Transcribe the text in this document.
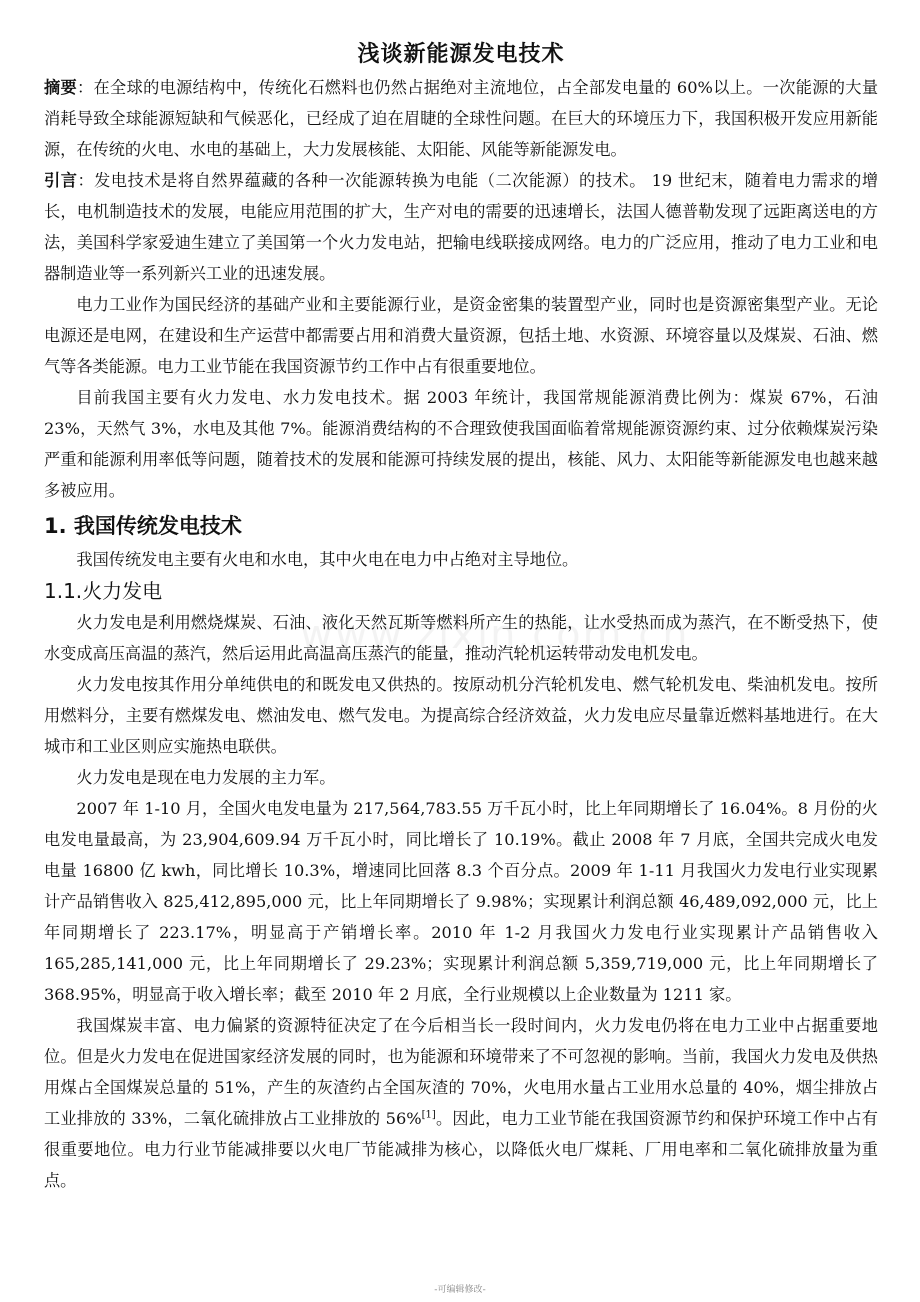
浅谈新能源发电技术

摘要：在全球的电源结构中，传统化石燃料也仍然占据绝对主流地位，占全部发电量的 60%以上。一次能源的大量消耗导致全球能源短缺和气候恶化，已经成了迫在眉睫的全球性问题。在巨大的环境压力下，我国积极开发应用新能源，在传统的火电、水电的基础上，大力发展核能、太阳能、风能等新能源发电。

引言：发电技术是将自然界蕴藏的各种一次能源转换为电能（二次能源）的技术。 19 世纪末，随着电力需求的增长，电机制造技术的发展，电能应用范围的扩大，生产对电的需要的迅速增长，法国人德普勒发现了远距离送电的方法，美国科学家爱迪生建立了美国第一个火力发电站，把输电线联接成网络。电力的广泛应用，推动了电力工业和电器制造业等一系列新兴工业的迅速发展。

电力工业作为国民经济的基础产业和主要能源行业，是资金密集的装置型产业，同时也是资源密集型产业。无论电源还是电网，在建设和生产运营中都需要占用和消费大量资源，包括土地、水资源、环境容量以及煤炭、石油、燃气等各类能源。电力工业节能在我国资源节约工作中占有很重要地位。

目前我国主要有火力发电、水力发电技术。据 2003 年统计，我国常规能源消费比例为：煤炭 67%，石油 23%，天然气 3%，水电及其他 7%。能源消费结构的不合理致使我国面临着常规能源资源约束、过分依赖煤炭污染严重和能源利用率低等问题，随着技术的发展和能源可持续发展的提出，核能、风力、太阳能等新能源发电也越来越多被应用。

1. 我国传统发电技术

我国传统发电主要有火电和水电，其中火电在电力中占绝对主导地位。

1.1.火力发电

火力发电是利用燃烧煤炭、石油、液化天然瓦斯等燃料所产生的热能，让水受热而成为蒸汽，在不断受热下，使水变成高压高温的蒸汽，然后运用此高温高压蒸汽的能量，推动汽轮机运转带动发电机发电。

火力发电按其作用分单纯供电的和既发电又供热的。按原动机分汽轮机发电、燃气轮机发电、柴油机发电。按所用燃料分，主要有燃煤发电、燃油发电、燃气发电。为提高综合经济效益，火力发电应尽量靠近燃料基地进行。在大城市和工业区则应实施热电联供。

火力发电是现在电力发展的主力军。

2007 年 1-10 月，全国火电发电量为 217,564,783.55 万千瓦小时，比上年同期增长了 16.04%。8 月份的火电发电量最高，为 23,904,609.94 万千瓦小时，同比增长了 10.19%。截止 2008 年 7 月底，全国共完成火电发电量 16800 亿 kwh，同比增长 10.3%，增速同比回落 8.3 个百分点。2009 年 1-11 月我国火力发电行业实现累计产品销售收入 825,412,895,000 元，比上年同期增长了 9.98%；实现累计利润总额 46,489,092,000 元，比上年同期增长了 223.17%，明显高于产销增长率。2010 年 1-2 月我国火力发电行业实现累计产品销售收入 165,285,141,000 元，比上年同期增长了 29.23%；实现累计利润总额 5,359,719,000 元，比上年同期增长了 368.95%，明显高于收入增长率；截至 2010 年 2 月底，全行业规模以上企业数量为 1211 家。

我国煤炭丰富、电力偏紧的资源特征决定了在今后相当长一段时间内，火力发电仍将在电力工业中占据重要地位。但是火力发电在促进国家经济发展的同时，也为能源和环境带来了不可忽视的影响。当前，我国火力发电及供热用煤占全国煤炭总量的 51%，产生的灰渣约占全国灰渣的 70%，火电用水量占工业用水总量的 40%，烟尘排放占工业排放的 33%，二氧化硫排放占工业排放的 56%[1]。因此，电力工业节能在我国资源节约和保护环境工作中占有很重要地位。电力行业节能减排要以火电厂节能减排为核心，以降低火电厂煤耗、厂用电率和二氧化硫排放量为重点。

-可编辑修改-
